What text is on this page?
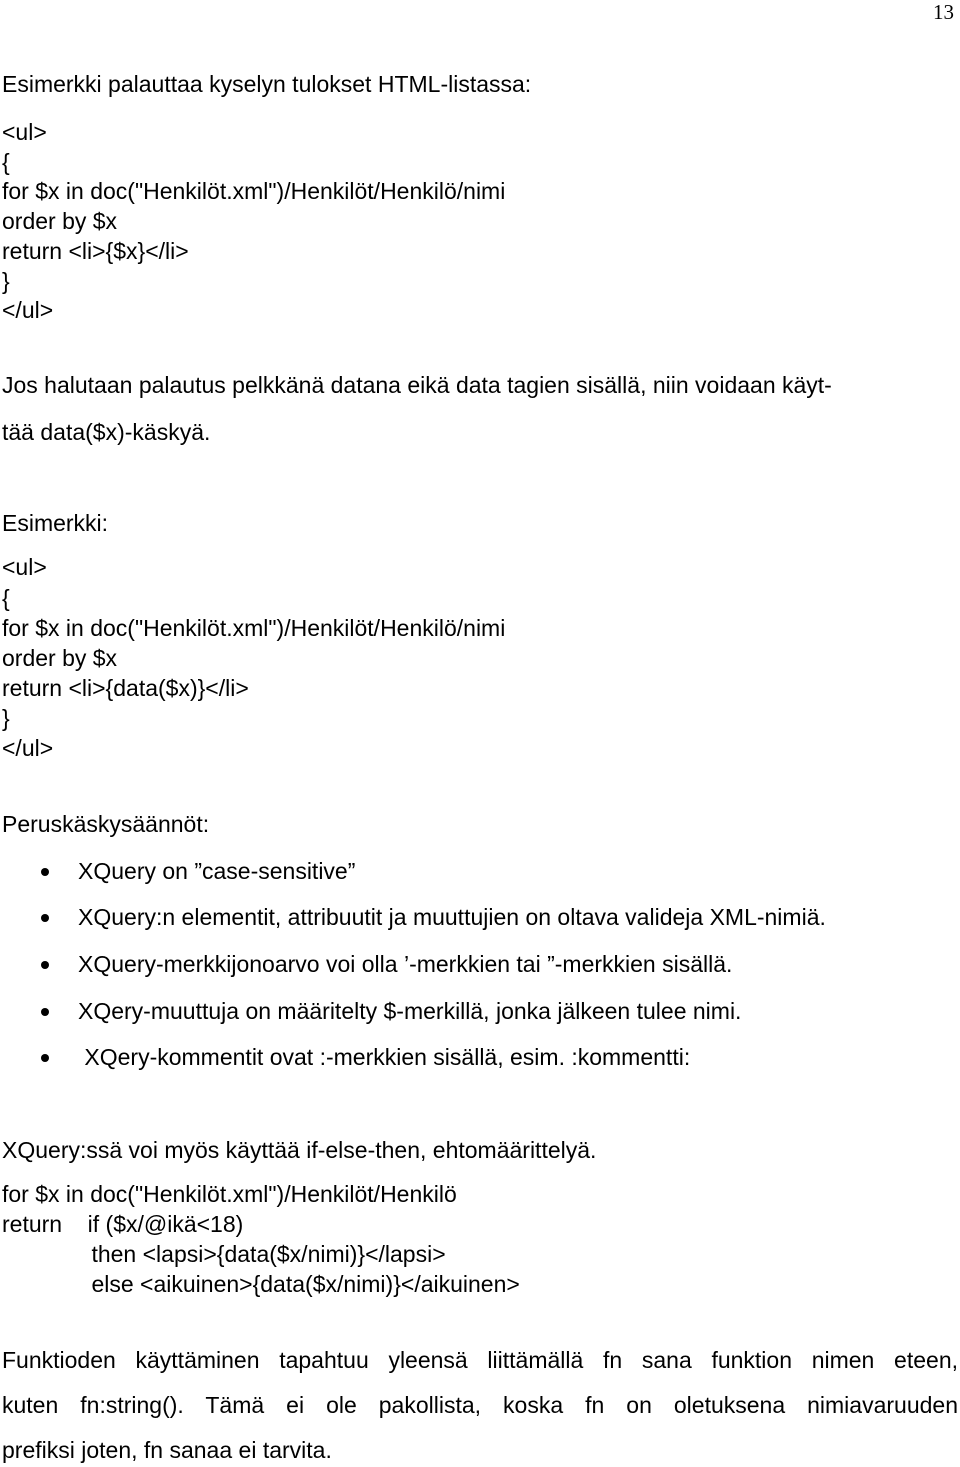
13
Esimerkki palauttaa kyselyn tulokset HTML-listassa:
<ul>
{
for $x in doc("Henkilöt.xml")/Henkilöt/Henkilö/nimi
order by $x
return <li>{$x}</li>
}
</ul>
Jos halutaan palautus pelkkänä datana eikä data tagien sisällä, niin voidaan käyt-
tää data($x)-käskyä.
Esimerkki:
<ul>
{
for $x in doc("Henkilöt.xml")/Henkilöt/Henkilö/nimi
order by $x
return <li>{data($x)}</li>
}
</ul>
Peruskäskysäännöt:

XQuery on ”case-sensitive”

XQuery:n elementit, attribuutit ja muuttujien on oltava valideja XML-nimiä.

XQuery-merkkijonoarvo voi olla ’-merkkien tai ”-merkkien sisällä.

XQery-muuttuja on määritelty $-merkillä, jonka jälkeen tulee nimi.

XQery-kommentit ovat :-merkkien sisällä, esim. :kommentti:

XQuery:ssä voi myös käyttää if-else-then, ehtomäärittelyä.
for $x in doc("Henkilöt.xml")/Henkilöt/Henkilö
return    if ($x/@ikä<18)
then <lapsi>{data($x/nimi)}</lapsi>
else <aikuinen>{data($x/nimi)}</aikuinen>
Funktioden käyttäminen tapahtuu yleensä liittämällä fn sana funktion nimen eteen,
kuten fn:string(). Tämä ei ole pakollista, koska fn on oletuksena nimiavaruuden
prefiksi joten, fn sanaa ei tarvita.
